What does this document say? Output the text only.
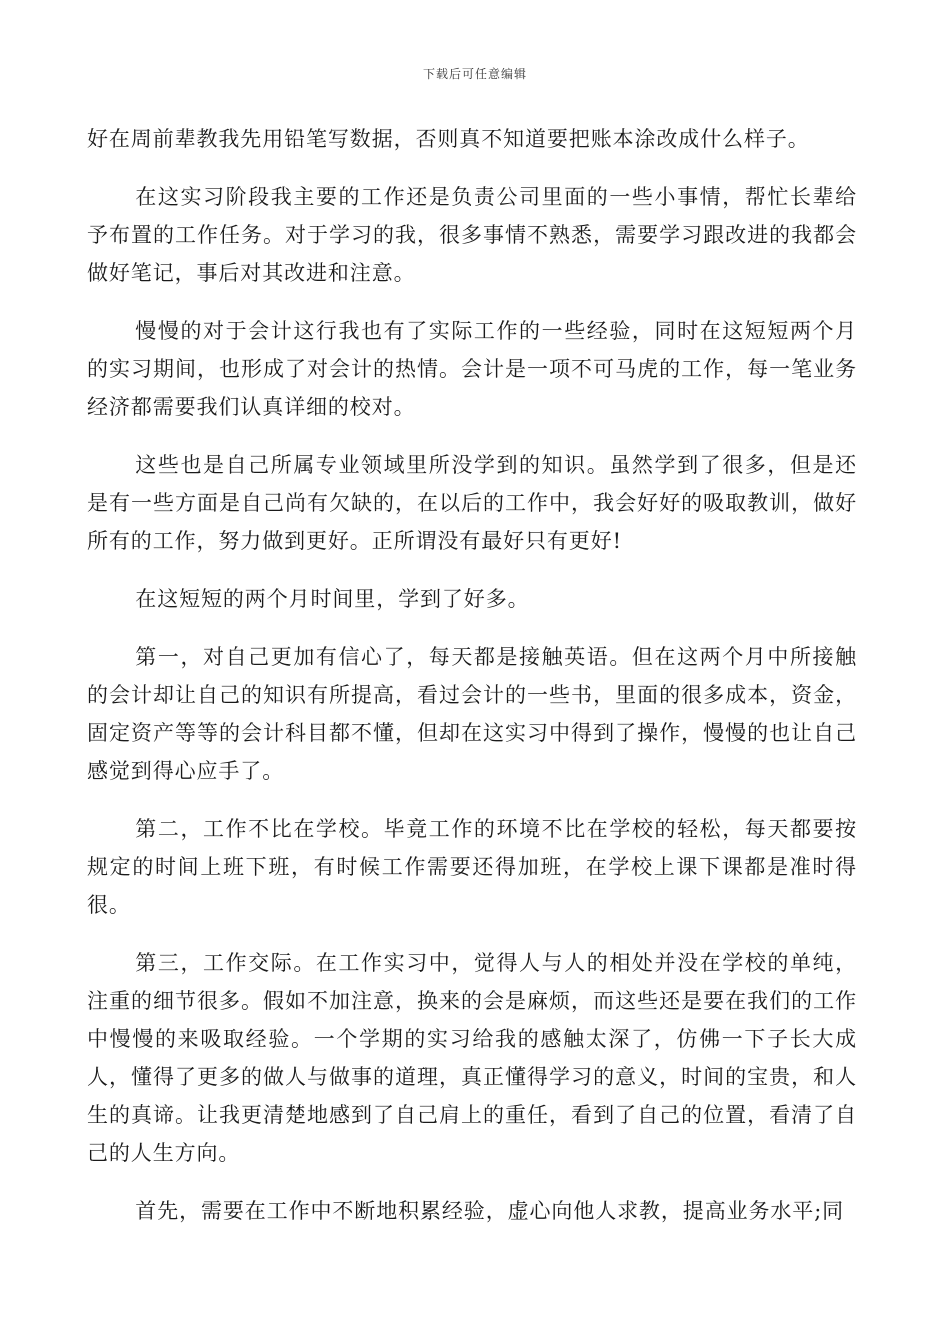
下载后可任意编辑

好在周前辈教我先用铅笔写数据，否则真不知道要把账本涂改成什么样子。

在这实习阶段我主要的工作还是负责公司里面的一些小事情，帮忙长辈给予布置的工作任务。对于学习的我，很多事情不熟悉，需要学习跟改进的我都会做好笔记，事后对其改进和注意。

慢慢的对于会计这行我也有了实际工作的一些经验，同时在这短短两个月的实习期间，也形成了对会计的热情。会计是一项不可马虎的工作，每一笔业务经济都需要我们认真详细的校对。

这些也是自己所属专业领域里所没学到的知识。虽然学到了很多，但是还是有一些方面是自己尚有欠缺的，在以后的工作中，我会好好的吸取教训，做好所有的工作，努力做到更好。正所谓没有最好只有更好!

在这短短的两个月时间里，学到了好多。

第一，对自己更加有信心了，每天都是接触英语。但在这两个月中所接触的会计却让自己的知识有所提高，看过会计的一些书，里面的很多成本，资金，固定资产等等的会计科目都不懂，但却在这实习中得到了操作，慢慢的也让自己感觉到得心应手了。

第二，工作不比在学校。毕竟工作的环境不比在学校的轻松，每天都要按规定的时间上班下班，有时候工作需要还得加班，在学校上课下课都是准时得很。

第三，工作交际。在工作实习中，觉得人与人的相处并没在学校的单纯，注重的细节很多。假如不加注意，换来的会是麻烦，而这些还是要在我们的工作中慢慢的来吸取经验。一个学期的实习给我的感触太深了，仿佛一下子长大成人，懂得了更多的做人与做事的道理，真正懂得学习的意义，时间的宝贵，和人生的真谛。让我更清楚地感到了自己肩上的重任，看到了自己的位置，看清了自己的人生方向。

首先，需要在工作中不断地积累经验，虚心向他人求教，提高业务水平;同
